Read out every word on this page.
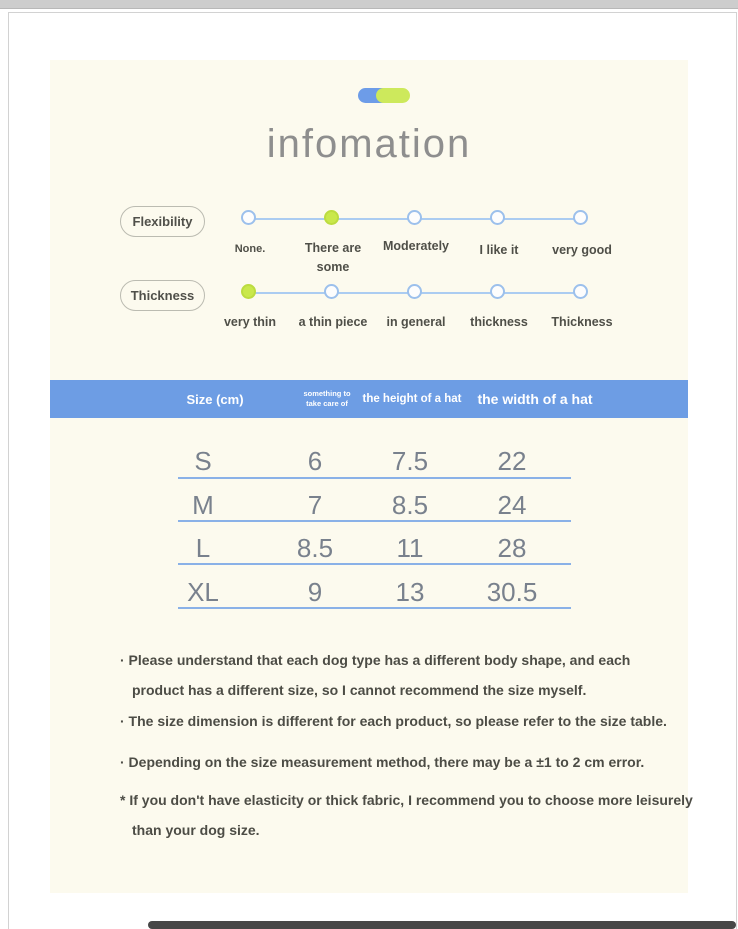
infomation
Flexibility
None.	There are some
Moderately	I like it	very good
Thickness
very thin	a thin piece	in general	thickness	Thickness
Size (cm)	something to take care of	the height of a hat	the width of a hat
S	6	7.5	22
M	7	8.5	24
L	8.5	11	28
XL	9	13	30.5
· Please understand that each dog type has a different body shape, and each
product has a different size, so I cannot recommend the size myself.
· The size dimension is different for each product, so please refer to the size table.
· Depending on the size measurement method, there may be a ±1 to 2 cm error.
* If you don't have elasticity or thick fabric, I recommend you to choose more leisurely
than your dog size.
